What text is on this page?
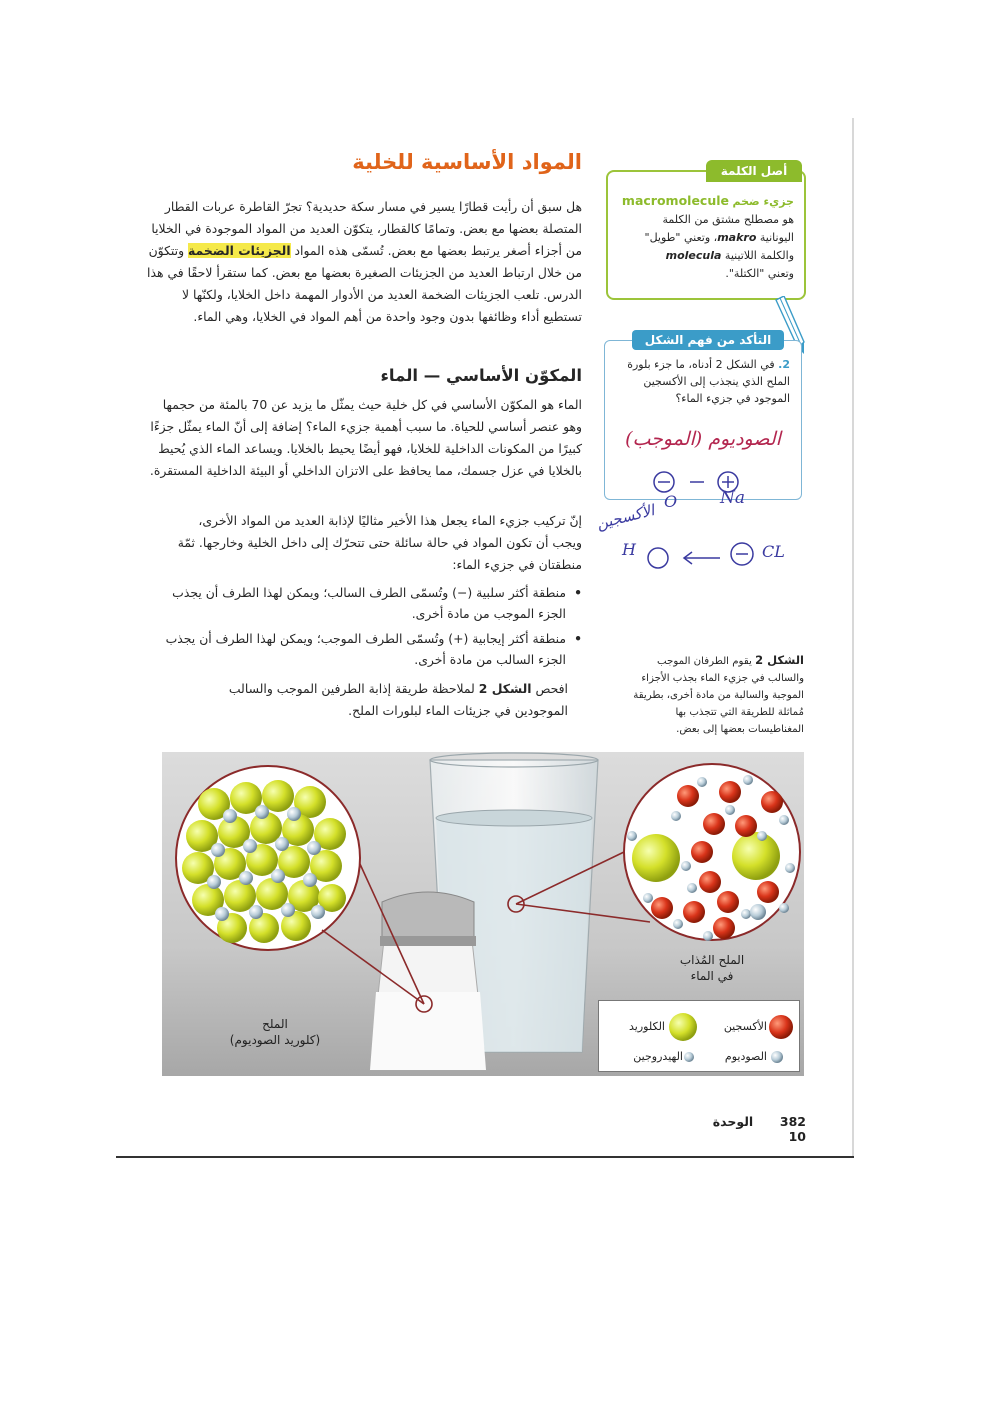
المواد الأساسية للخلية
هل سبق أن رأيت قطارًا يسير في مسار سكة حديدية؟ تجرّ القاطرة عربات القطار المتصلة بعضها مع بعض. وتمامًا كالقطار، يتكوّن العديد من المواد الموجودة في الخلايا من أجزاء أصغر يرتبط بعضها مع بعض. تُسمّى هذه المواد الجزيئات الضخمة وتتكوّن من خلال ارتباط العديد من الجزيئات الصغيرة بعضها مع بعض. كما ستقرأ لاحقًا في هذا الدرس. تلعب الجزيئات الضخمة العديد من الأدوار المهمة داخل الخلايا، ولكنّها لا تستطيع أداء وظائفها بدون وجود واحدة من أهم المواد في الخلايا، وهي الماء.
المكوّن الأساسي — الماء
الماء هو المكوّن الأساسي في كل خلية حيث يمثّل ما يزيد عن 70 بالمئة من حجمها وهو عنصر أساسي للحياة. ما سبب أهمية جزيء الماء؟ إضافة إلى أنّ الماء يمثّل جزءًا كبيرًا من المكونات الداخلية للخلايا، فهو أيضًا يحيط بالخلايا. ويساعد الماء الذي يُحيط بالخلايا في عزل جسمك، مما يحافظ على الاتزان الداخلي أو البيئة الداخلية المستقرة.
إنّ تركيب جزيء الماء يجعل هذا الأخير مثاليًا لإذابة العديد من المواد الأخرى، ويجب أن تكون المواد في حالة سائلة حتى تتحرّك إلى داخل الخلية وخارجها. ثمّة منطقتان في جزيء الماء:
•
منطقة أكثر سلبية (−) وتُسمّى الطرف السالب؛ ويمكن لهذا الطرف أن يجذب الجزء الموجب من مادة أخرى.
•
منطقة أكثر إيجابية (+) وتُسمّى الطرف الموجب؛ ويمكن لهذا الطرف أن يجذب الجزء السالب من مادة أخرى.
افحص الشكل 2 لملاحظة طريقة إذابة الطرفين الموجب والسالب الموجودين في جزيئات الماء لبلورات الملح.
أصل الكلمة
جزيء ضخم macromolecule
هو مصطلح مشتق من الكلمة
اليونانية makro، وتعني "طويل"
والكلمة اللاتينية molecula
وتعني "الكتلة".
التأكد من فهم الشكل
2. في الشكل 2 أدناه، ما جزء بلورة الملح الذي ينجذب إلى الأكسجين الموجود في جزيء الماء؟
الصوديوم (الموجب)
O	Na
الأكسجين
H	CL
الشكل 2 يقوم الطرفان الموجب والسالب في جزيء الماء بجذب الأجزاء الموجبة والسالبة من مادة أخرى، بطريقة مُماثلة للطريقة التي تتجذب بها المغناطيسات بعضها إلى بعض.
الملح
(كلوريد الصوديوم)
الملح المُذاب
في الماء
الأكسجين
الكلوريد
الصوديوم
الهيدروجين
382  الوحدة 10
